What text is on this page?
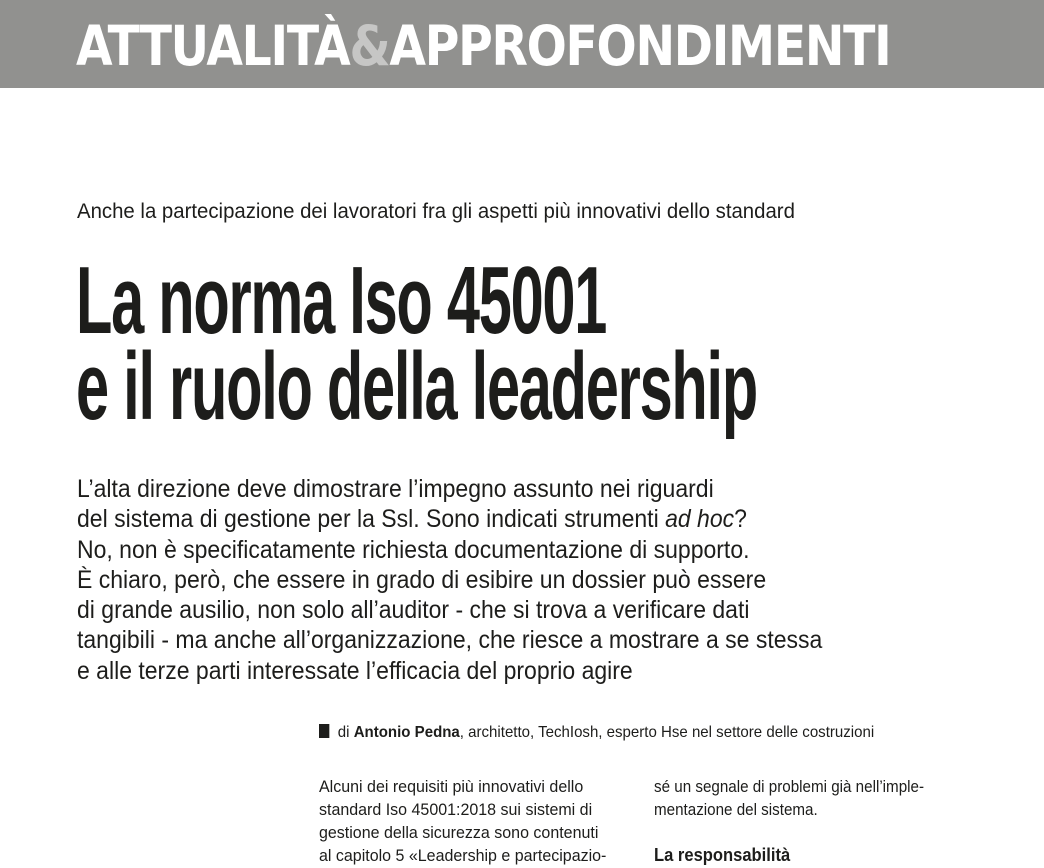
ATTUALITÀ&APPROFONDIMENTI
Anche la partecipazione dei lavoratori fra gli aspetti più innovativi dello standard
La norma Iso 45001
e il ruolo della leadership
L’alta direzione deve dimostrare l’impegno assunto nei riguardi
del sistema di gestione per la Ssl. Sono indicati strumenti ad hoc?
No, non è specificatamente richiesta documentazione di supporto.
È chiaro, però, che essere in grado di esibire un dossier può essere
di grande ausilio, non solo all’auditor - che si trova a verificare dati
tangibili - ma anche all’organizzazione, che riesce a mostrare a se stessa
e alle terze parti interessate l’efficacia del proprio agire
di Antonio Pedna, architetto, TechIosh, esperto Hse nel settore delle costruzioni
Alcuni dei requisiti più innovativi dello
standard Iso 45001:2018 sui sistemi di
gestione della sicurezza sono contenuti
al capitolo 5 «Leadership e partecipazio-
sé un segnale di problemi già nell’imple-
mentazione del sistema.
La responsabilità
